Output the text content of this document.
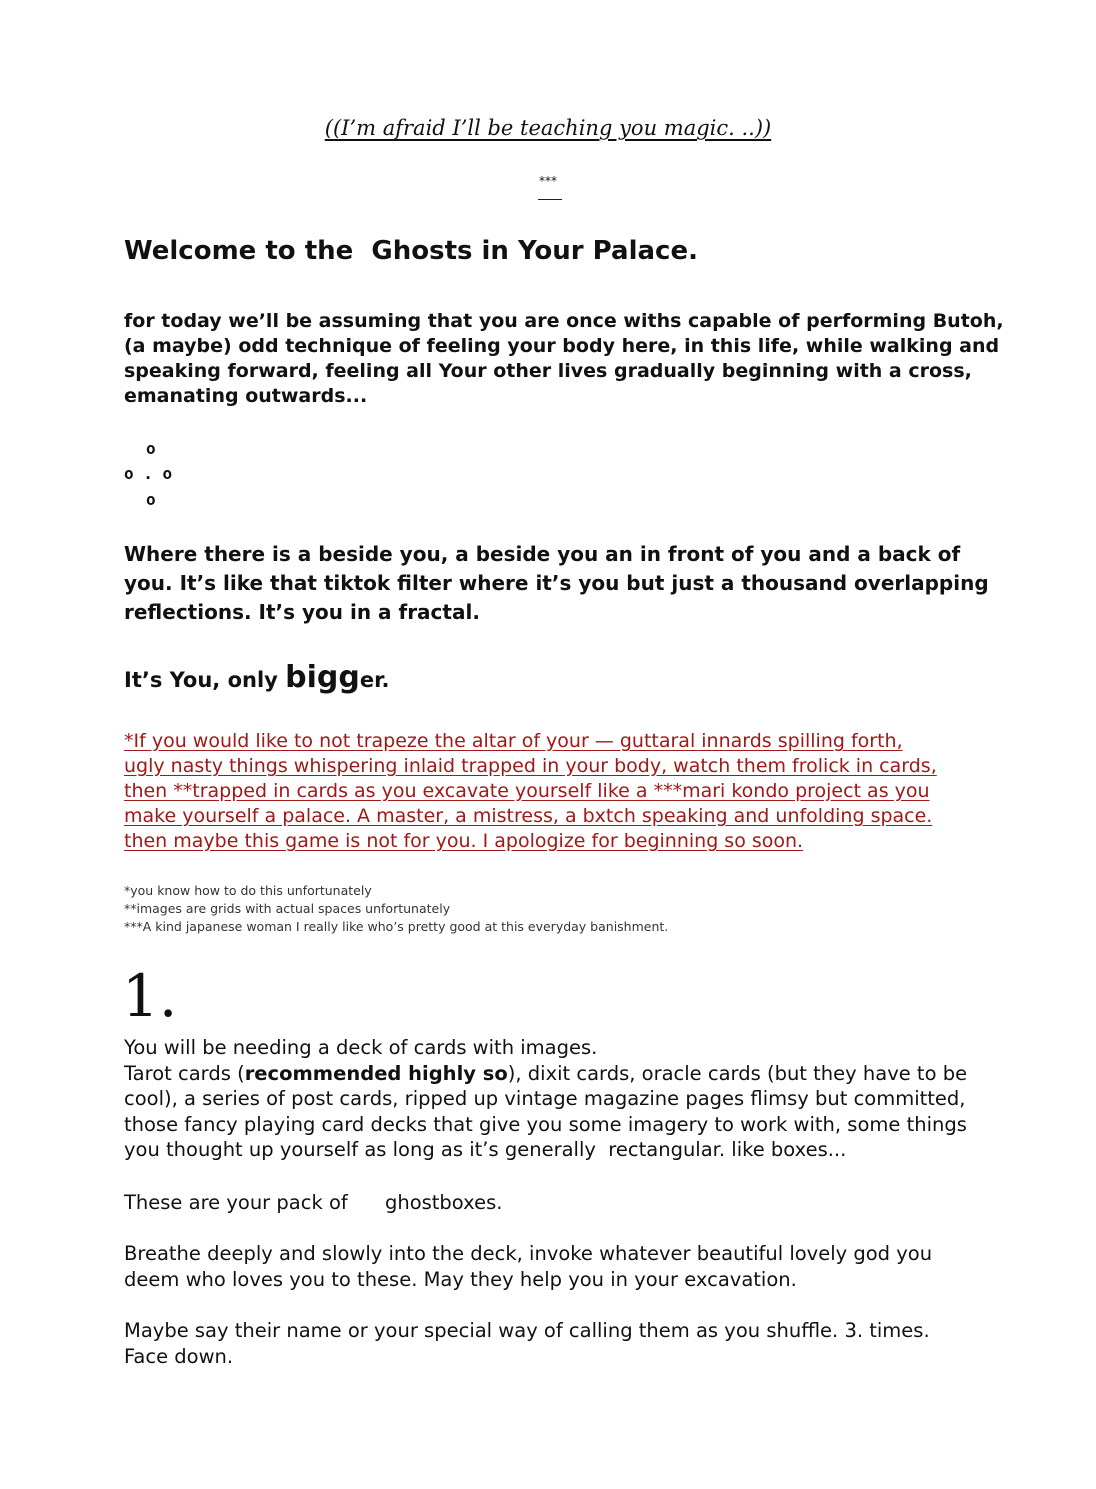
((I’m afraid I’ll be teaching you magic. ..))
***
Welcome to the Ghosts in Your Palace.
for today we’ll be assuming that you are once withs capable of performing Butoh,
(a maybe) odd technique of feeling your body here, in this life, while walking and
speaking forward, feeling all Your other lives gradually beginning with a cross,
emanating outwards...
o
o . o
o
Where there is a beside you, a beside you an in front of you and a back of
you. It’s like that tiktok filter where it’s you but just a thousand overlapping
reflections. It’s you in a fractal.
It’s You, only bigger.
*If you would like to not trapeze the altar of your — guttaral innards spilling forth,
ugly nasty things whispering inlaid trapped in your body, watch them frolick in cards,
then **trapped in cards as you excavate yourself like a ***mari kondo project as you
make yourself a palace. A master, a mistress, a bxtch speaking and unfolding space.
then maybe this game is not for you. I apologize for beginning so soon.
*you know how to do this unfortunately
**images are grids with actual spaces unfortunately
***A kind japanese woman I really like who’s pretty good at this everyday banishment.
1.
You will be needing a deck of cards with images.
Tarot cards (recommended highly so), dixit cards, oracle cards (but they have to be
cool), a series of post cards, ripped up vintage magazine pages flimsy but committed,
those fancy playing card decks that give you some imagery to work with, some things
you thought up yourself as long as it’s generally  rectangular. like boxes...
These are your pack of ghostboxes.
Breathe deeply and slowly into the deck, invoke whatever beautiful lovely god you
deem who loves you to these. May they help you in your excavation.
Maybe say their name or your special way of calling them as you shuffle. 3. times.
Face down.
